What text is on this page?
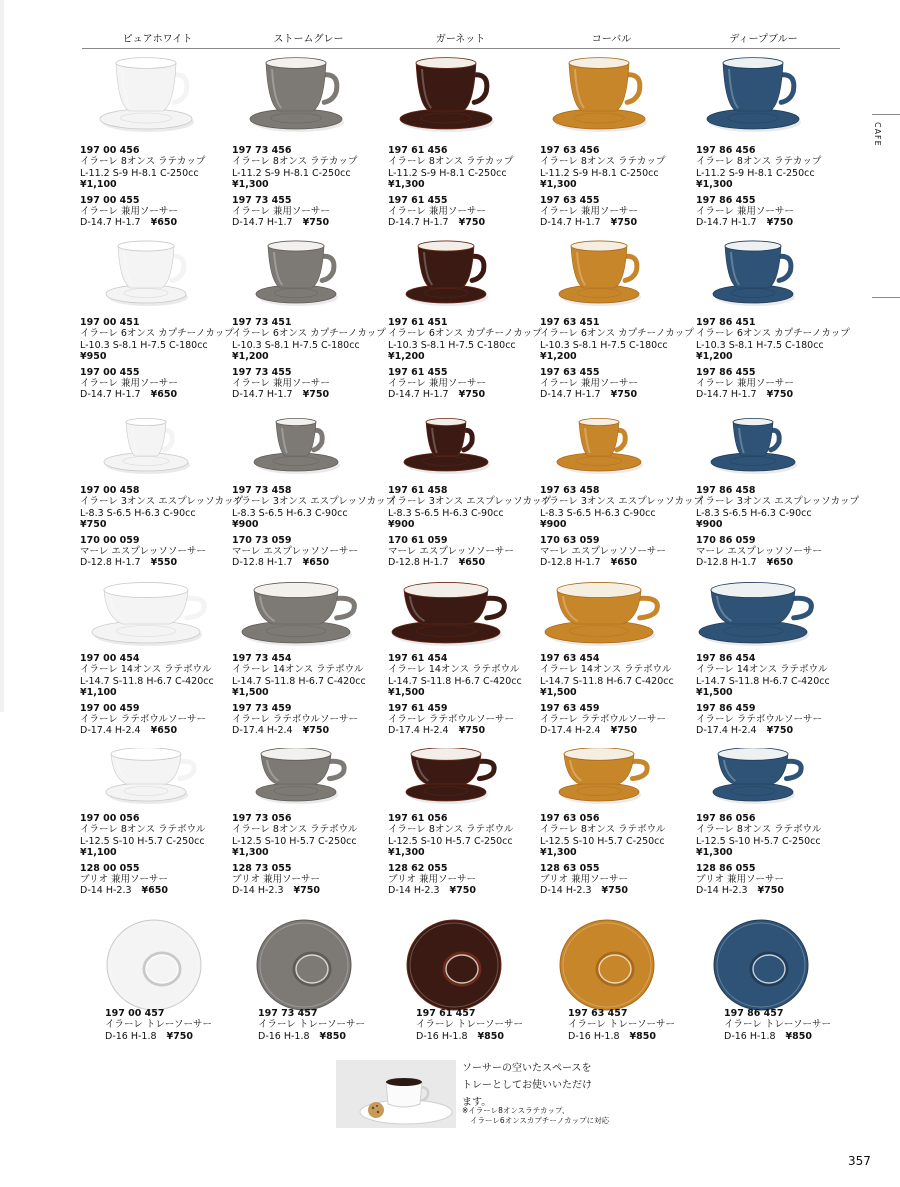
ピュアホワイト	ストームグレー	ガーネット	コーバル	ディープブルー
CAFE
197 00 456
イラーレ 8オンス ラテカップ
L-11.2 S-9 H-8.1 C-250cc
¥1,100
197 00 455
イラーレ 兼用ソーサー
D-14.7 H-1.7 ¥650
197 73 456
イラーレ 8オンス ラテカップ
L-11.2 S-9 H-8.1 C-250cc
¥1,300
197 73 455
イラーレ 兼用ソーサー
D-14.7 H-1.7 ¥750
197 61 456
イラーレ 8オンス ラテカップ
L-11.2 S-9 H-8.1 C-250cc
¥1,300
197 61 455
イラーレ 兼用ソーサー
D-14.7 H-1.7 ¥750
197 63 456
イラーレ 8オンス ラテカップ
L-11.2 S-9 H-8.1 C-250cc
¥1,300
197 63 455
イラーレ 兼用ソーサー
D-14.7 H-1.7 ¥750
197 86 456
イラーレ 8オンス ラテカップ
L-11.2 S-9 H-8.1 C-250cc
¥1,300
197 86 455
イラーレ 兼用ソーサー
D-14.7 H-1.7 ¥750
197 00 451
イラーレ 6オンス カプチーノカップ
L-10.3 S-8.1 H-7.5 C-180cc
¥950
197 00 455
イラーレ 兼用ソーサー
D-14.7 H-1.7 ¥650
197 73 451
イラーレ 6オンス カプチーノカップ
L-10.3 S-8.1 H-7.5 C-180cc
¥1,200
197 73 455
イラーレ 兼用ソーサー
D-14.7 H-1.7 ¥750
197 61 451
イラーレ 6オンス カプチーノカップ
L-10.3 S-8.1 H-7.5 C-180cc
¥1,200
197 61 455
イラーレ 兼用ソーサー
D-14.7 H-1.7 ¥750
197 63 451
イラーレ 6オンス カプチーノカップ
L-10.3 S-8.1 H-7.5 C-180cc
¥1,200
197 63 455
イラーレ 兼用ソーサー
D-14.7 H-1.7 ¥750
197 86 451
イラーレ 6オンス カプチーノカップ
L-10.3 S-8.1 H-7.5 C-180cc
¥1,200
197 86 455
イラーレ 兼用ソーサー
D-14.7 H-1.7 ¥750
197 00 458
イラーレ 3オンス エスプレッソカップ
L-8.3 S-6.5 H-6.3 C-90cc
¥750
170 00 059
マーレ エスプレッソソーサー
D-12.8 H-1.7 ¥550
197 73 458
イラーレ 3オンス エスプレッソカップ
L-8.3 S-6.5 H-6.3 C-90cc
¥900
170 73 059
マーレ エスプレッソソーサー
D-12.8 H-1.7 ¥650
197 61 458
イラーレ 3オンス エスプレッソカップ
L-8.3 S-6.5 H-6.3 C-90cc
¥900
170 61 059
マーレ エスプレッソソーサー
D-12.8 H-1.7 ¥650
197 63 458
イラーレ 3オンス エスプレッソカップ
L-8.3 S-6.5 H-6.3 C-90cc
¥900
170 63 059
マーレ エスプレッソソーサー
D-12.8 H-1.7 ¥650
197 86 458
イラーレ 3オンス エスプレッソカップ
L-8.3 S-6.5 H-6.3 C-90cc
¥900
170 86 059
マーレ エスプレッソソーサー
D-12.8 H-1.7 ¥650
197 00 454
イラーレ 14オンス ラテボウル
L-14.7 S-11.8 H-6.7 C-420cc
¥1,100
197 00 459
イラーレ ラテボウルソーサー
D-17.4 H-2.4 ¥650
197 73 454
イラーレ 14オンス ラテボウル
L-14.7 S-11.8 H-6.7 C-420cc
¥1,500
197 73 459
イラーレ ラテボウルソーサー
D-17.4 H-2.4 ¥750
197 61 454
イラーレ 14オンス ラテボウル
L-14.7 S-11.8 H-6.7 C-420cc
¥1,500
197 61 459
イラーレ ラテボウルソーサー
D-17.4 H-2.4 ¥750
197 63 454
イラーレ 14オンス ラテボウル
L-14.7 S-11.8 H-6.7 C-420cc
¥1,500
197 63 459
イラーレ ラテボウルソーサー
D-17.4 H-2.4 ¥750
197 86 454
イラーレ 14オンス ラテボウル
L-14.7 S-11.8 H-6.7 C-420cc
¥1,500
197 86 459
イラーレ ラテボウルソーサー
D-17.4 H-2.4 ¥750
197 00 056
イラーレ 8オンス ラテボウル
L-12.5 S-10 H-5.7 C-250cc
¥1,100
128 00 055
ブリオ 兼用ソーサー
D-14 H-2.3 ¥650
197 73 056
イラーレ 8オンス ラテボウル
L-12.5 S-10 H-5.7 C-250cc
¥1,300
128 73 055
ブリオ 兼用ソーサー
D-14 H-2.3 ¥750
197 61 056
イラーレ 8オンス ラテボウル
L-12.5 S-10 H-5.7 C-250cc
¥1,300
128 62 055
ブリオ 兼用ソーサー
D-14 H-2.3 ¥750
197 63 056
イラーレ 8オンス ラテボウル
L-12.5 S-10 H-5.7 C-250cc
¥1,300
128 63 055
ブリオ 兼用ソーサー
D-14 H-2.3 ¥750
197 86 056
イラーレ 8オンス ラテボウル
L-12.5 S-10 H-5.7 C-250cc
¥1,300
128 86 055
ブリオ 兼用ソーサー
D-14 H-2.3 ¥750
197 00 457
イラーレ トレーソーサー
D-16 H-1.8 ¥750
197 73 457
イラーレ トレーソーサー
D-16 H-1.8 ¥850
197 61 457
イラーレ トレーソーサー
D-16 H-1.8 ¥850
197 63 457
イラーレ トレーソーサー
D-16 H-1.8 ¥850
197 86 457
イラーレ トレーソーサー
D-16 H-1.8 ¥850
ソーサーの空いたスペースを
トレーとしてお使いいただけ
ます。
※イラーレ8オンスラテカップ、
イラーレ6オンスカプチーノカップに対応
357
